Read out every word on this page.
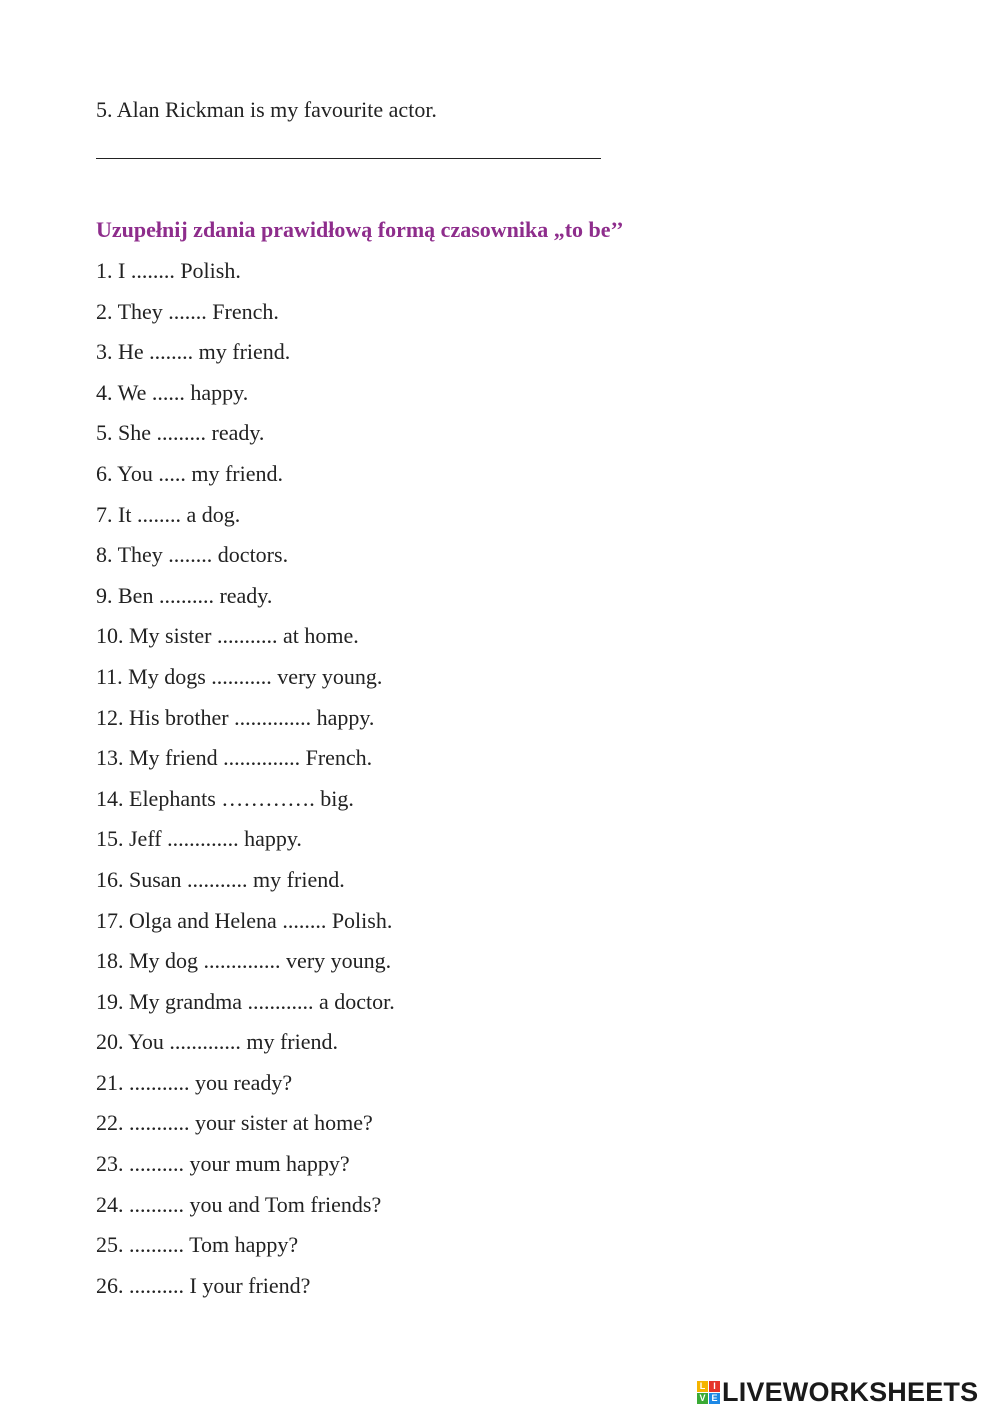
5. Alan Rickman is my favourite actor.
Uzupełnij zdania prawidłową formą czasownika „to be’’
1. I ........ Polish.
2. They ....... French.
3. He ........ my friend.
4. We ...... happy.
5. She ......... ready.
6. You ..... my friend.
7. It ........ a dog.
8. They ........ doctors.
9. Ben .......... ready.
10. My sister ........... at home.
11. My dogs ........... very young.
12. His brother .............. happy.
13. My friend .............. French.
14. Elephants …………. big.
15. Jeff ............. happy.
16. Susan ........... my friend.
17. Olga and Helena ........ Polish.
18. My dog .............. very young.
19. My grandma ............ a doctor.
20. You ............. my friend.
21. ........... you ready?
22. ........... your sister at home?
23. .......... your mum happy?
24. .......... you and Tom friends?
25. .......... Tom happy?
26. .......... I your friend?
L I
V E LIVEWORKSHEETS
